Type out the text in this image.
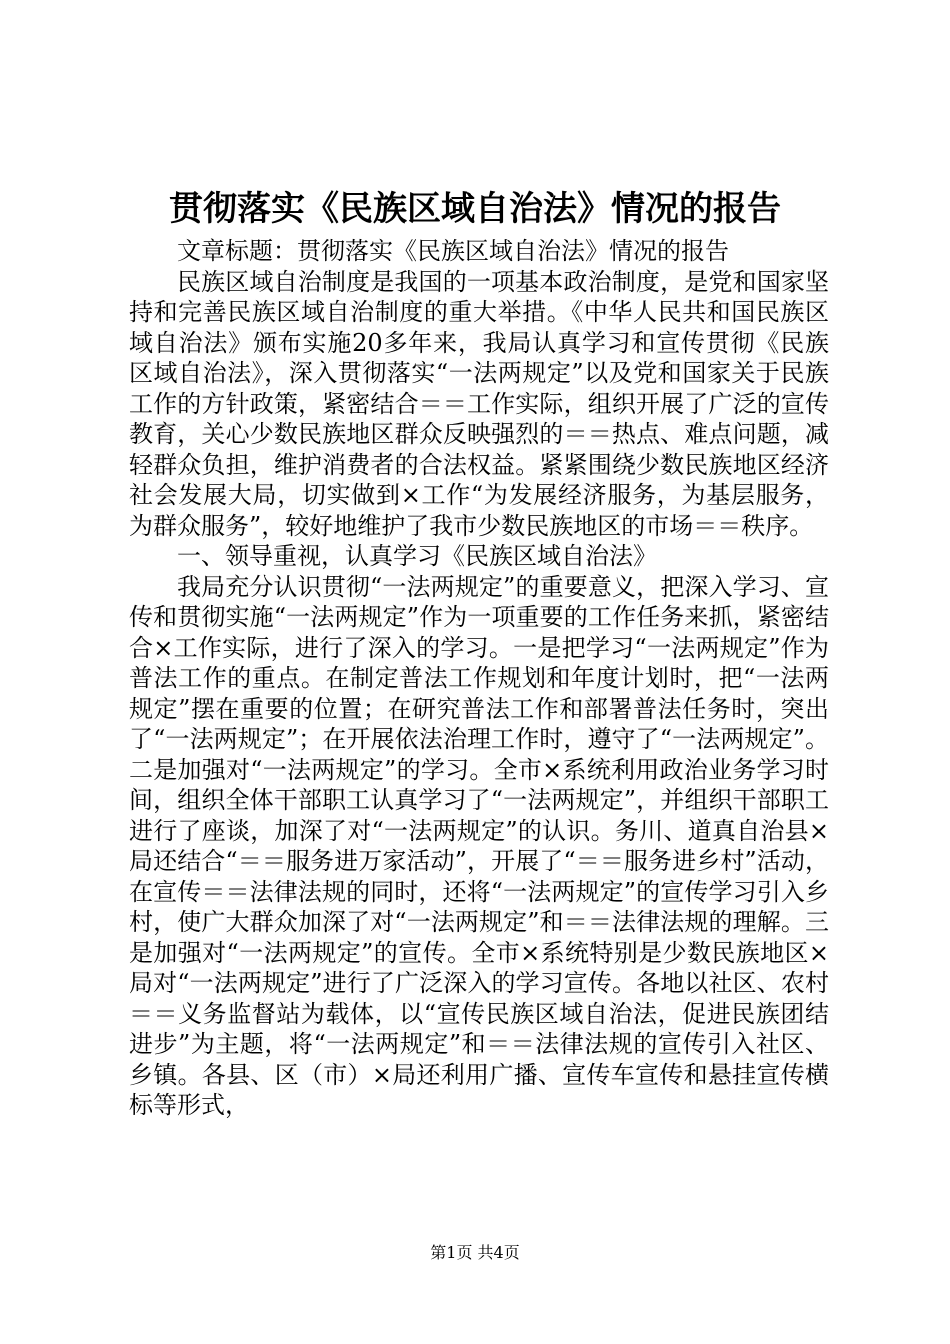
贯彻落实《民族区域自治法》情况的报告

文章标题：贯彻落实《民族区域自治法》情况的报告

民族区域自治制度是我国的一项基本政治制度，是党和国家坚持和完善民族区域自治制度的重大举措。《中华人民共和国民族区域自治法》颁布实施20多年来，我局认真学习和宣传贯彻《民族区域自治法》，深入贯彻落实“一法两规定”以及党和国家关于民族工作的方针政策，紧密结合＝＝工作实际，组织开展了广泛的宣传教育，关心少数民族地区群众反映强烈的＝＝热点、难点问题，减轻群众负担，维护消费者的合法权益。紧紧围绕少数民族地区经济社会发展大局，切实做到×工作“为发展经济服务，为基层服务，为群众服务”，较好地维护了我市少数民族地区的市场＝＝秩序。

一、领导重视，认真学习《民族区域自治法》

我局充分认识贯彻“一法两规定”的重要意义，把深入学习、宣传和贯彻实施“一法两规定”作为一项重要的工作任务来抓，紧密结合×工作实际，进行了深入的学习。一是把学习“一法两规定”作为普法工作的重点。在制定普法工作规划和年度计划时，把“一法两规定”摆在重要的位置；在研究普法工作和部署普法任务时，突出了“一法两规定”；在开展依法治理工作时，遵守了“一法两规定”。二是加强对“一法两规定”的学习。全市×系统利用政治业务学习时间，组织全体干部职工认真学习了“一法两规定”，并组织干部职工进行了座谈，加深了对“一法两规定”的认识。务川、道真自治县×局还结合“＝＝服务进万家活动”，开展了“＝＝服务进乡村”活动，在宣传＝＝法律法规的同时，还将“一法两规定”的宣传学习引入乡村，使广大群众加深了对“一法两规定”和＝＝法律法规的理解。三是加强对“一法两规定”的宣传。全市×系统特别是少数民族地区×局对“一法两规定”进行了广泛深入的学习宣传。各地以社区、农村＝＝义务监督站为载体，以“宣传民族区域自治法，促进民族团结进步”为主题，将“一法两规定”和＝＝法律法规的宣传引入社区、乡镇。各县、区（市）×局还利用广播、宣传车宣传和悬挂宣传横标等形式，

第1页 共4页
